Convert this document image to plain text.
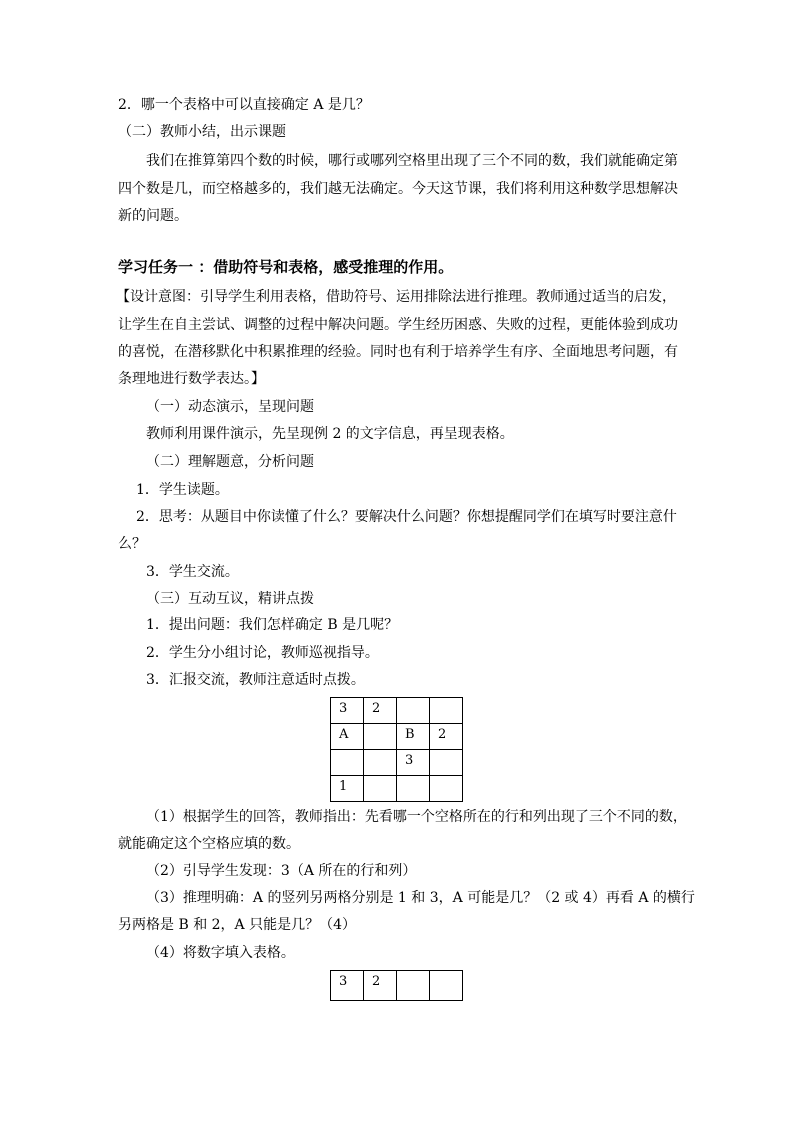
2．哪一个表格中可以直接确定 A 是几？
（二）教师小结，出示课题
我们在推算第四个数的时候，哪行或哪列空格里出现了三个不同的数，我们就能确定第
四个数是几，而空格越多的，我们越无法确定。今天这节课，我们将利用这种数学思想解决
新的问题。
学习任务一 ：借助符号和表格，感受推理的作用。
【设计意图：引导学生利用表格，借助符号、运用排除法进行推理。教师通过适当的启发，
让学生在自主尝试、调整的过程中解决问题。学生经历困惑、失败的过程，更能体验到成功
的喜悦，在潜移默化中积累推理的经验。同时也有利于培养学生有序、全面地思考问题，有
条理地进行数学表达。】
（一）动态演示，呈现问题
教师利用课件演示，先呈现例 2 的文字信息，再呈现表格。
（二）理解题意，分析问题
1．学生读题。
2．思考：从题目中你读懂了什么？要解决什么问题？你想提醒同学们在填写时要注意什
么？
3．学生交流。
（三）互动互议，精讲点拨
1．提出问题：我们怎样确定 B 是几呢？
2．学生分小组讨论，教师巡视指导。
3．汇报交流，教师注意适时点拨。
3	2		
A		B	2
		3	
1			
（1）根据学生的回答，教师指出：先看哪一个空格所在的行和列出现了三个不同的数，
就能确定这个空格应填的数。
（2）引导学生发现：3（A 所在的行和列）
（3）推理明确：A 的竖列另两格分别是 1 和 3，A 可能是几？（2 或 4）再看 A 的横行
另两格是 B 和 2，A 只能是几？（4）
（4）将数字填入表格。
3	2		
